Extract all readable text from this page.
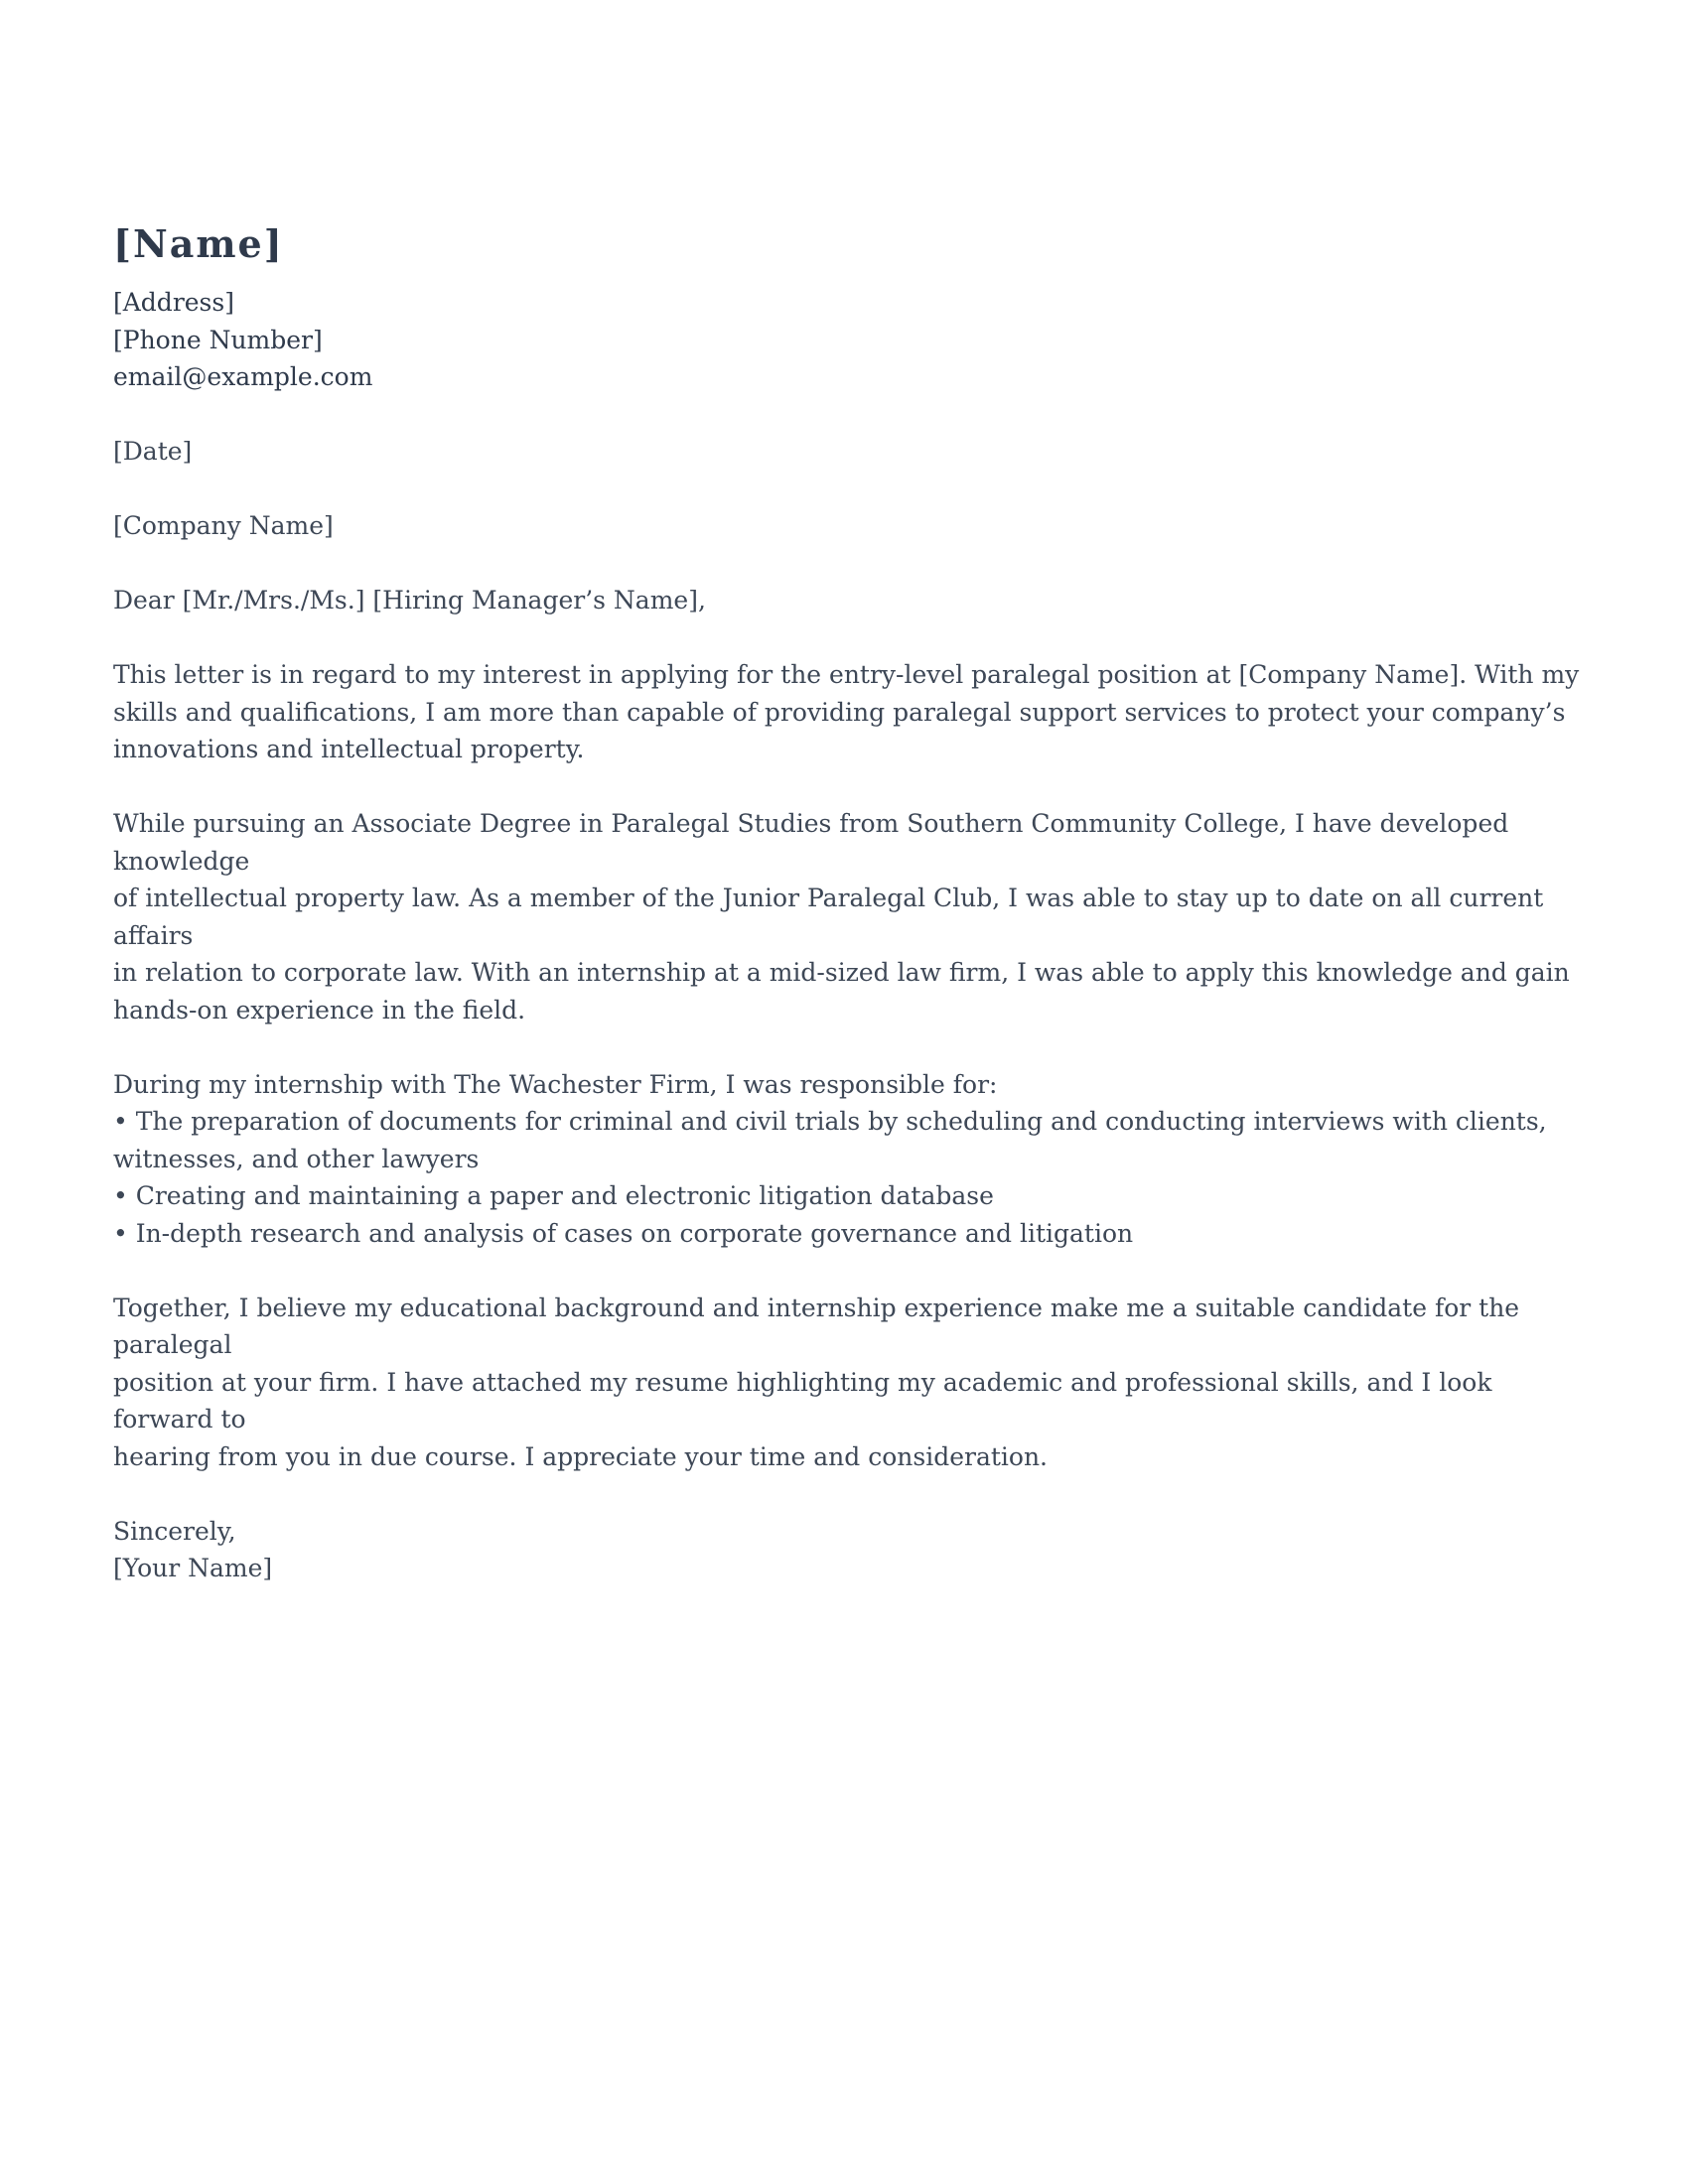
[Name]
[Address]
[Phone Number]
email@example.com
[Date]
[Company Name]
Dear [Mr./Mrs./Ms.] [Hiring Manager’s Name],
This letter is in regard to my interest in applying for the entry-level paralegal position at [Company Name]. With my
skills and qualifications, I am more than capable of providing paralegal support services to protect your company’s
innovations and intellectual property.
While pursuing an Associate Degree in Paralegal Studies from Southern Community College, I have developed knowledge
of intellectual property law. As a member of the Junior Paralegal Club, I was able to stay up to date on all current affairs
in relation to corporate law. With an internship at a mid-sized law firm, I was able to apply this knowledge and gain
hands-on experience in the field.
During my internship with The Wachester Firm, I was responsible for:
• The preparation of documents for criminal and civil trials by scheduling and conducting interviews with clients,
witnesses, and other lawyers
• Creating and maintaining a paper and electronic litigation database
• In-depth research and analysis of cases on corporate governance and litigation
Together, I believe my educational background and internship experience make me a suitable candidate for the paralegal
position at your firm. I have attached my resume highlighting my academic and professional skills, and I look forward to
hearing from you in due course. I appreciate your time and consideration.
Sincerely,
[Your Name]
